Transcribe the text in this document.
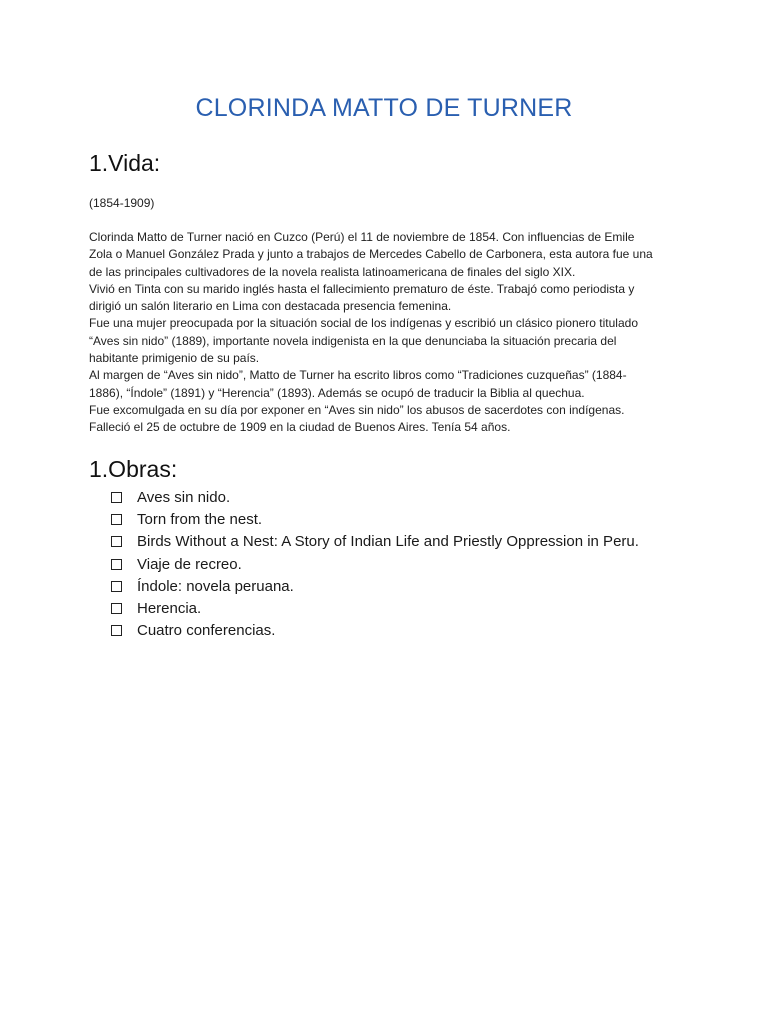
CLORINDA MATTO DE TURNER
1.Vida:
(1854-1909)
Clorinda Matto de Turner nació en Cuzco (Perú) el 11 de noviembre de 1854. Con influencias de Emile
Zola o Manuel González Prada y junto a trabajos de Mercedes Cabello de Carbonera, esta autora fue una
de las principales cultivadores de la novela realista latinoamericana de finales del siglo XIX.
Vivió en Tinta con su marido inglés hasta el fallecimiento prematuro de éste. Trabajó como periodista y
dirigió un salón literario en Lima con destacada presencia femenina.
Fue una mujer preocupada por la situación social de los indígenas y escribió un clásico pionero titulado
“Aves sin nido” (1889), importante novela indigenista en la que denunciaba la situación precaria del
habitante primigenio de su país.
Al margen de “Aves sin nido”, Matto de Turner ha escrito libros como “Tradiciones cuzqueñas” (1884-
1886), “Índole” (1891) y “Herencia” (1893). Además se ocupó de traducir la Biblia al quechua.
Fue excomulgada en su día por exponer en “Aves sin nido” los abusos de sacerdotes con indígenas.
Falleció el 25 de octubre de 1909 en la ciudad de Buenos Aires. Tenía 54 años.
1.Obras:
Aves sin nido.
Torn from the nest.
Birds Without a Nest: A Story of Indian Life and Priestly Oppression in Peru.
Viaje de recreo.
Índole: novela peruana.
Herencia.
Cuatro conferencias.
